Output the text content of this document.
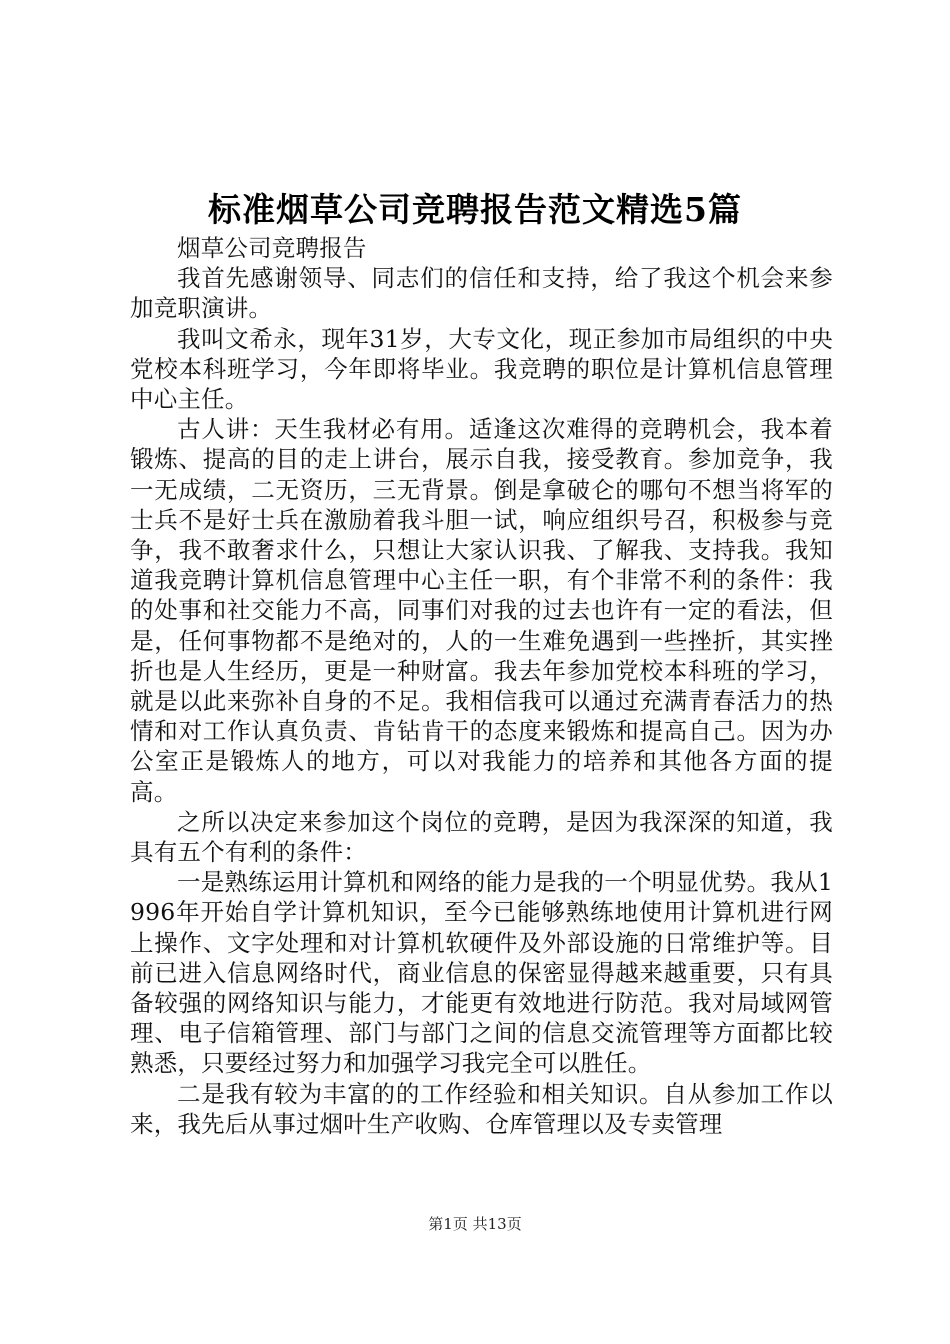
标准烟草公司竞聘报告范文精选5篇

烟草公司竞聘报告

我首先感谢领导、同志们的信任和支持，给了我这个机会来参加竞职演讲。

我叫文希永，现年31岁，大专文化，现正参加市局组织的中央党校本科班学习，今年即将毕业。我竞聘的职位是计算机信息管理中心主任。

古人讲：天生我材必有用。适逢这次难得的竞聘机会，我本着锻炼、提高的目的走上讲台，展示自我，接受教育。参加竞争，我一无成绩，二无资历，三无背景。倒是拿破仑的哪句不想当将军的士兵不是好士兵在激励着我斗胆一试，响应组织号召，积极参与竞争，我不敢奢求什么，只想让大家认识我、了解我、支持我。我知道我竞聘计算机信息管理中心主任一职，有个非常不利的条件：我的处事和社交能力不高，同事们对我的过去也许有一定的看法，但是，任何事物都不是绝对的，人的一生难免遇到一些挫折，其实挫折也是人生经历，更是一种财富。我去年参加党校本科班的学习，就是以此来弥补自身的不足。我相信我可以通过充满青春活力的热情和对工作认真负责、肯钻肯干的态度来锻炼和提高自己。因为办公室正是锻炼人的地方，可以对我能力的培养和其他各方面的提高。

之所以决定来参加这个岗位的竞聘，是因为我深深的知道，我具有五个有利的条件：

一是熟练运用计算机和网络的能力是我的一个明显优势。我从1996年开始自学计算机知识，至今已能够熟练地使用计算机进行网上操作、文字处理和对计算机软硬件及外部设施的日常维护等。目前已进入信息网络时代，商业信息的保密显得越来越重要，只有具备较强的网络知识与能力，才能更有效地进行防范。我对局域网管理、电子信箱管理、部门与部门之间的信息交流管理等方面都比较熟悉，只要经过努力和加强学习我完全可以胜任。

二是我有较为丰富的的工作经验和相关知识。自从参加工作以来，我先后从事过烟叶生产收购、仓库管理以及专卖管理

第1页 共13页
